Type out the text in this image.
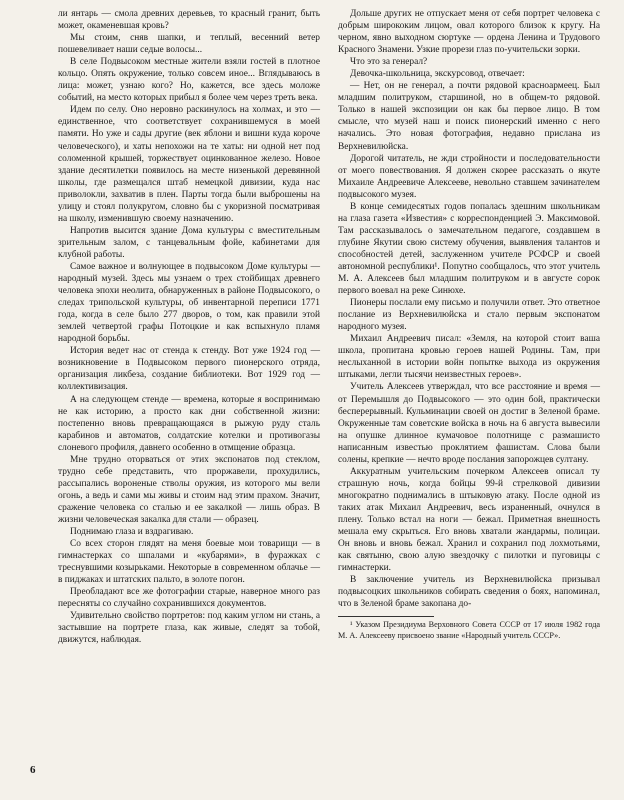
ли янтарь — смола древних деревьев, то красный гранит, быть может, окаменевшая кровь?

Мы стоим, сняв шапки, и теплый, весенний ветер пошевеливает наши седые волосы...

В селе Подвысоком местные жители взяли гостей в плотное кольцо. Опять окружение, только совсем иное... Вглядываюсь в лица: может, узнаю кого? Но, кажется, все здесь моложе событий, на место которых прибыл я более чем через треть века.

Идем по селу. Оно неровно раскинулось на холмах, и это — единственное, что соответствует сохранившемуся в моей памяти. Но уже и сады другие (век яблони и вишни куда короче человеческого), и хаты непохожи на те хаты: ни одной нет под соломенной крышей, торжествует оцинкованное железо. Новое здание десятилетки появилось на месте низенькой деревянной школы, где размещался штаб немецкой дивизии, куда нас приволокли, захватив в плен. Парты тогда были выброшены на улицу и стоял полукругом, словно бы с укоризной посматривая на школу, изменившую своему назначению.

Напротив высится здание Дома культуры с вместительным зрительным залом, с танцевальным фойе, кабинетами для клубной работы.

Самое важное и волнующее в подвысоком Доме культуры — народный музей. Здесь мы узнаем о трех стойбищах древнего человека эпохи неолита, обнаруженных в районе Подвысокого, о следах трипольской культуры, об инвентарной переписи 1771 года, когда в селе было 277 дворов, о том, как правили этой землей четвертой графы Потоцкие и как вспыхнуло пламя народной борьбы.

История ведет нас от стенда к стенду. Вот уже 1924 год — возникновение в Подвысоком первого пионерского отряда, организация ликбеза, создание библиотеки. Вот 1929 год — коллективизация.

А на следующем стенде — времена, которые я воспринимаю не как историю, а просто как дни собственной жизни: постепенно вновь превращающаяся в рыжую руду сталь карабинов и автоматов, солдатские котелки и противогазы слоневого профиля, давнего особенно в отмщение образца.

Мне трудно оторваться от этих экспонатов под стеклом, трудно себе представить, что проржавели, прохудились, рассыпались вороненые стволы оружия, из которого мы вели огонь, а ведь и сами мы живы и стоим над этим прахом. Значит, сражение человека со сталью и ее закалкой — лишь образ. В жизни человеческая закалка для стали — образец.

Поднимаю глаза и вздрагиваю.

Со всех сторон глядят на меня боевые мои товарищи — в гимнастерках со шпалами и «кубарями», в фуражках с треснувшими козырьками. Некоторые в современном облачье — в пиджаках и штатских пальто, в золоте погон.

Преобладают все же фотографии старые, наверное много раз пересняты со случайно сохранившихся документов.

Удивительно свойство портретов: под каким углом ни стань, а застывшие на портрете глаза, как живые, следят за тобой, движутся, наблюдая.

Дольше других не отпускает меня от себя портрет человека с добрым ширококим лицом, овал которого близок к кругу. На черном, явно выходном сюртуке — ордена Ленина и Трудового Красного Знамени. Узкие прорези глаз по-учительски зорки.

Что это за генерал?

Девочка-школьница, экскурсовод, отвечает:

— Нет, он не генерал, а почти рядовой красноармеец. Был младшим политруком, старшиной, но в общем-то рядовой. Только в нашей экспозиции он как бы первое лицо. В том смысле, что музей наш и поиск пионерский именно с него начались. Это новая фотография, недавно прислана из Верхневилюйска.

Дорогой читатель, не жди стройности и последовательности от моего повествования. Я должен скорее рассказать о якуте Михаиле Андреевиче Алексееве, невольно ставшем зачинателем подвысокого музея.

В конце семидесятых годов попалась здешним школьникам на глаза газета «Известия» с корреспонденцией Э. Максимовой. Там рассказывалось о замечательном педагоге, создавшем в глубине Якутии свою систему обучения, выявления талантов и способностей детей, заслуженном учителе РСФСР и своей автономной республики¹. Попутно сообщалось, что этот учитель М. А. Алексеев был младшим политруком и в августе сорок первого воевал на реке Синюхе.

Пионеры послали ему письмо и получили ответ. Это ответное послание из Верхневилюйска и стало первым экспонатом народного музея.

Михаил Андреевич писал: «Земля, на которой стоит ваша школа, пропитана кровью героев нашей Родины. Там, при неслыханной в истории войн попытке выхода из окружения штыками, легли тысячи неизвестных героев».

Учитель Алексеев утверждал, что все расстояние и время — от Перемышля до Подвысокого — это один бой, практически бесперерывный. Кульминации своей он достиг в Зеленой браме. Окруженные там советские войска в ночь на 6 августа вывесили на опушке длинное кумачовое полотнище с размашисто написанным известью проклятием фашистам. Слова были солены, крепкие — нечто вроде послания запорожцев султану.

Аккуратным учительским почерком Алексеев описал ту страшную ночь, когда бойцы 99-й стрелковой дивизии многократно поднимались в штыковую атаку. После одной из таких атак Михаил Андреевич, весь израненный, очнулся в плену. Только встал на ноги — бежал. Приметная внешность мешала ему скрыться. Его вновь хватали жандармы, полицаи. Он вновь и вновь бежал. Хранил и сохранил под лохмотьями, как святыню, свою алую звездочку с пилотки и пуговицы с гимнастерки.

В заключение учитель из Верхневилюйска призывал подвысоцких школьников собирать сведения о боях, напоминал, что в Зеленой браме закопана до-

¹ Указом Президиума Верховного Совета СССР от 17 июля 1982 года М. А. Алексееву присвоено звание «Народный учитель СССР».

6
